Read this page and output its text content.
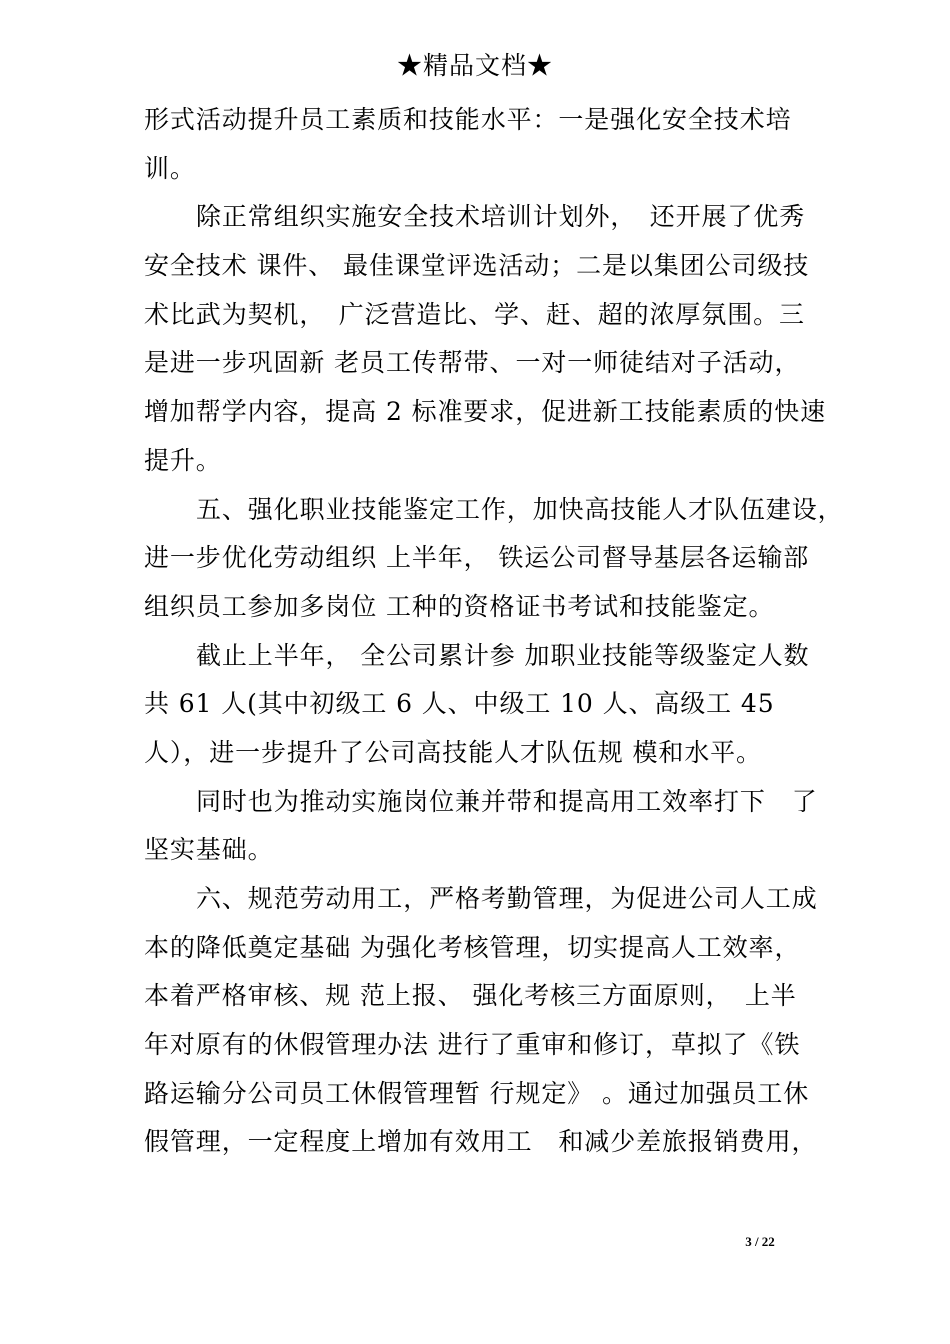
★精品文档★
形式活动提升员工素质和技能水平：一是强化安全技术培
训。
除正常组织实施安全技术培训计划外，　还开展了优秀
安全技术 课件、 最佳课堂评选活动；二是以集团公司级技
术比武为契机，　广泛营造比、学、赶、超的浓厚氛围。三
是进一步巩固新 老员工传帮带、一对一师徒结对子活动，
增加帮学内容，提高 2 标准要求，促进新工技能素质的快速
提升。
五、强化职业技能鉴定工作，加快高技能人才队伍建设，
进一步优化劳动组织 上半年， 铁运公司督导基层各运输部
组织员工参加多岗位 工种的资格证书考试和技能鉴定。
截止上半年， 全公司累计参 加职业技能等级鉴定人数
共 61 人(其中初级工 6 人、中级工 10 人、高级工 45
人），进一步提升了公司高技能人才队伍规 模和水平。
同时也为推动实施岗位兼并带和提高用工效率打下　了
坚实基础。
六、规范劳动用工，严格考勤管理，为促进公司人工成
本的降低奠定基础 为强化考核管理，切实提高人工效率，
本着严格审核、规 范上报、 强化考核三方面原则，　上半
年对原有的休假管理办法 进行了重审和修订，草拟了《铁
路运输分公司员工休假管理暂 行规定》 。通过加强员工休
假管理，一定程度上增加有效用工　和减少差旅报销费用，
3 / 22
